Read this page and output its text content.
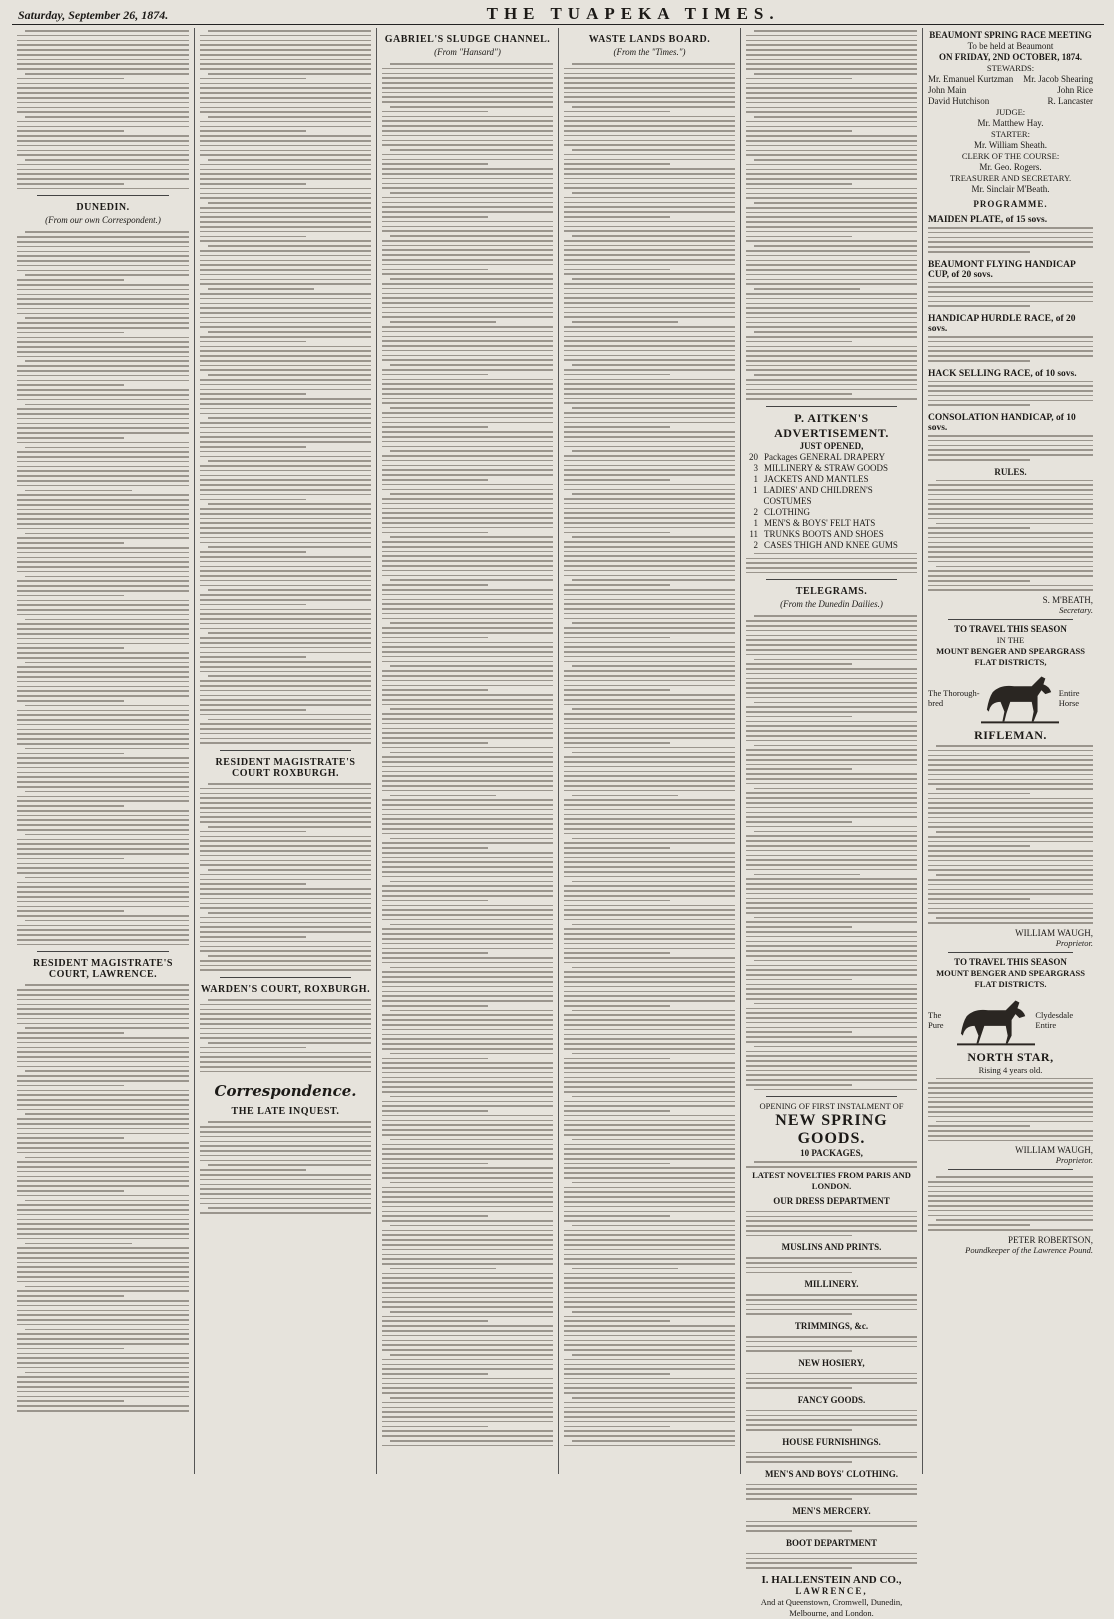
Saturday, September 26, 1874.	THE TUAPEKA TIMES.
DUNEDIN.
(From our own Correspondent.)
RESIDENT MAGISTRATE'S COURT, LAWRENCE.
RESIDENT MAGISTRATE'S COURT ROXBURGH.
WARDEN'S COURT, ROXBURGH.
Correspondence.
THE LATE INQUEST.
GABRIEL'S SLUDGE CHANNEL.
(From "Hansard")
WASTE LANDS BOARD.
(From the "Times.")
P. AITKEN'S ADVERTISEMENT.
JUST OPENED,
20 Packages GENERAL DRAPERY
3 MILLINERY & STRAW GOODS
1 JACKETS AND MANTLES
1 LADIES' AND CHILDREN'S COSTUMES
2 CLOTHING
1 MEN'S & BOYS' FELT HATS
11 TRUNKS BOOTS AND SHOES
2 CASES THIGH AND KNEE GUMS
TELEGRAMS.
(From the Dunedin Dailies.)
OPENING OF FIRST INSTALMENT OF
NEW SPRING GOODS.
10 PACKAGES,
LATEST NOVELTIES FROM PARIS AND LONDON.
OUR DRESS DEPARTMENT
MUSLINS AND PRINTS.
MILLINERY.
TRIMMINGS, &c.
NEW HOSIERY,
FANCY GOODS.
HOUSE FURNISHINGS.
MEN'S AND BOYS' CLOTHING.
MEN'S MERCERY.
BOOT DEPARTMENT
I. HALLENSTEIN AND CO.,
LAWRENCE,
And at Queenstown, Cromwell, Dunedin, Melbourne, and London.
BEAUMONT SPRING RACE MEETING
To be held at Beaumont
ON FRIDAY, 2ND OCTOBER, 1874.
STEWARDS:
Mr. Emanuel Kurtzman Mr. Jacob Shearing
John Main	John Rice
David Hutchison	R. Lancaster
JUDGE:
Mr. Matthew Hay.
STARTER:
Mr. William Sheath.
CLERK OF THE COURSE:
Mr. Geo. Rogers.
TREASURER AND SECRETARY.
Mr. Sinclair M'Beath.
PROGRAMME.
MAIDEN PLATE, of 15 sovs.
BEAUMONT FLYING HANDICAP CUP, of 20 sovs.
HANDICAP HURDLE RACE, of 20 sovs.
HACK SELLING RACE, of 10 sovs.
CONSOLATION HANDICAP, of 10 sovs.
RULES.
S. M'BEATH,
Secretary.
TO TRAVEL THIS SEASON
IN THE
MOUNT BENGER AND SPEARGRASS FLAT DISTRICTS,
The Thorough-bred
Entire Horse
RIFLEMAN.
WILLIAM WAUGH,
Proprietor.
TO TRAVEL THIS SEASON
MOUNT BENGER AND SPEARGRASS FLAT DISTRICTS.
The Pure
Clydesdale Entire
NORTH STAR,
Rising 4 years old.
WILLIAM WAUGH,
Proprietor.
PETER ROBERTSON,
Poundkeeper of the Lawrence Pound.
